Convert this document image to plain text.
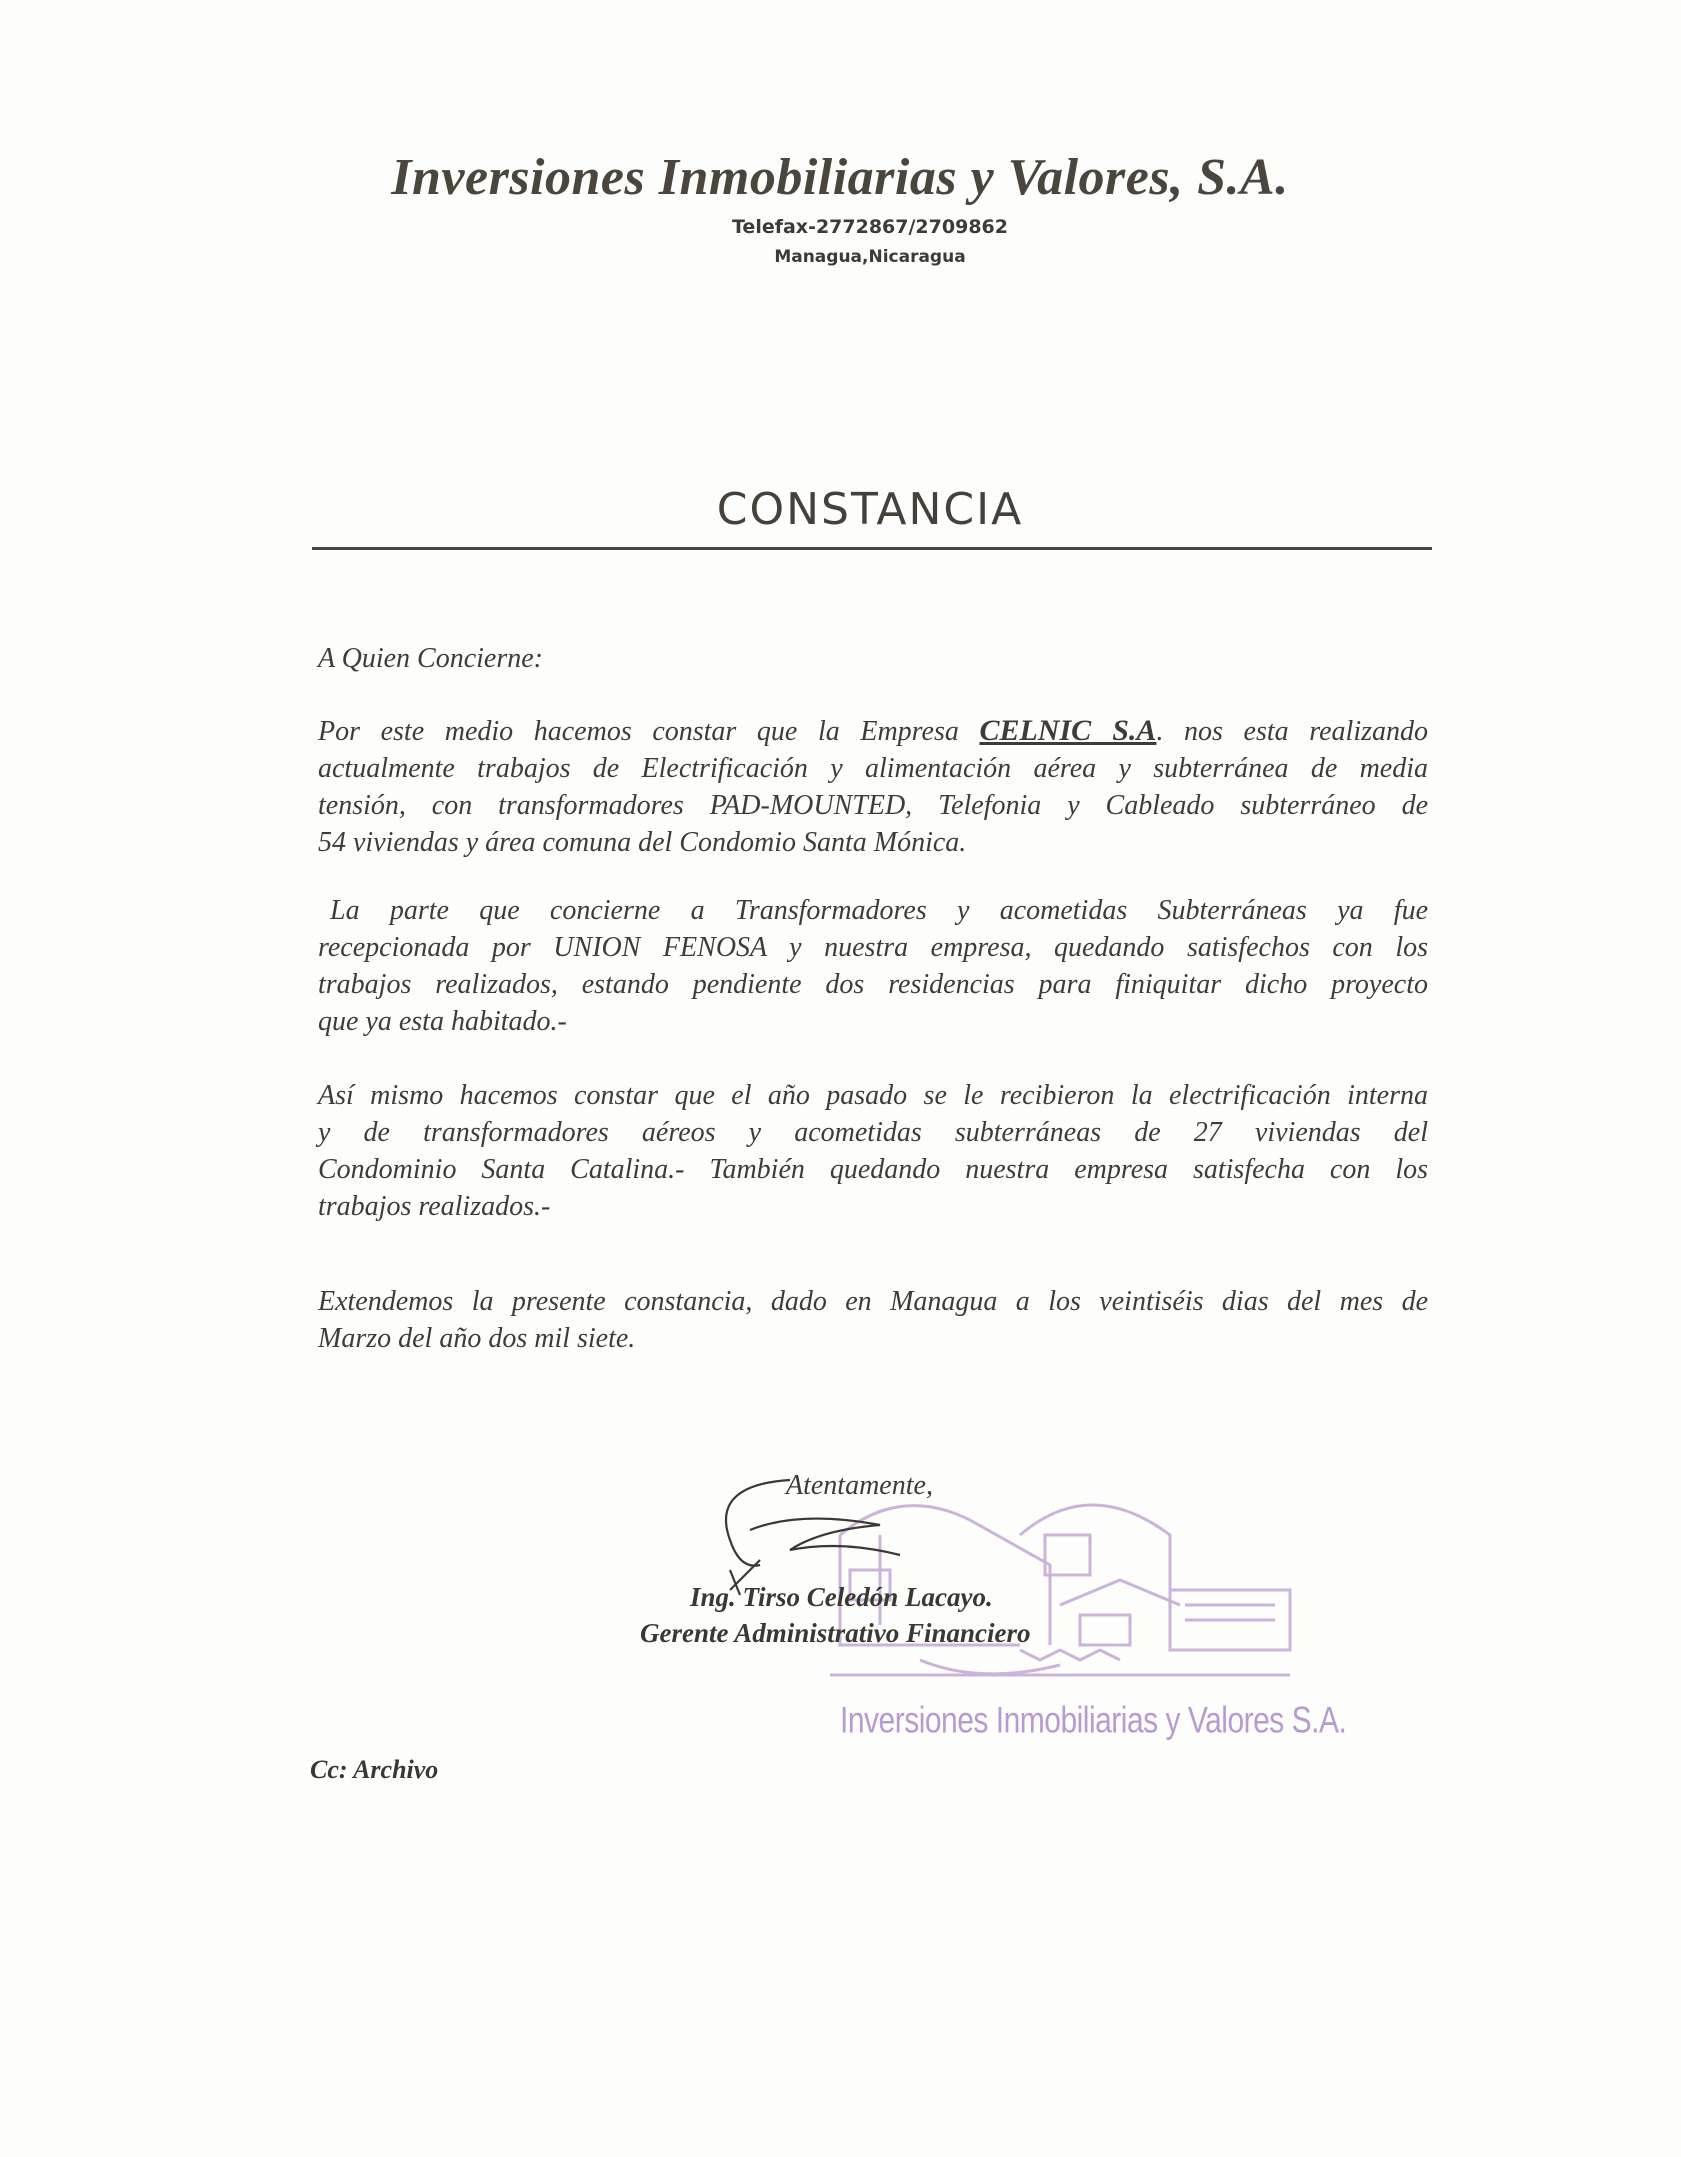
Inversiones Inmobiliarias y Valores, S.A.
Telefax-2772867/2709862
Managua,Nicaragua
CONSTANCIA
A Quien Concierne:
Por este medio hacemos constar que la Empresa CELNIC S.A. nos esta realizando
actualmente trabajos de Electrificación y alimentación aérea y subterránea de media
tensión, con transformadores PAD-MOUNTED, Telefonia y Cableado subterráneo de
54 viviendas y área comuna del Condomio Santa Mónica.
La parte que concierne a Transformadores y acometidas Subterráneas ya fue
recepcionada por UNION FENOSA y nuestra empresa, quedando satisfechos con los
trabajos realizados, estando pendiente dos residencias para finiquitar dicho proyecto
que ya esta habitado.-
Así mismo hacemos constar que el año pasado se le recibieron la electrificación interna
y de transformadores aéreos y acometidas subterráneas de 27 viviendas del
Condominio Santa Catalina.- También quedando nuestra empresa satisfecha con los
trabajos realizados.-
Extendemos la presente constancia, dado en Managua a los veintiséis dias del mes de
Marzo del año dos mil siete.
Inversiones Inmobiliarias y Valores S.A.
Atentamente,
Ing. Tirso Celedón Lacayo.
Gerente Administrativo Financiero
Cc: Archivo
